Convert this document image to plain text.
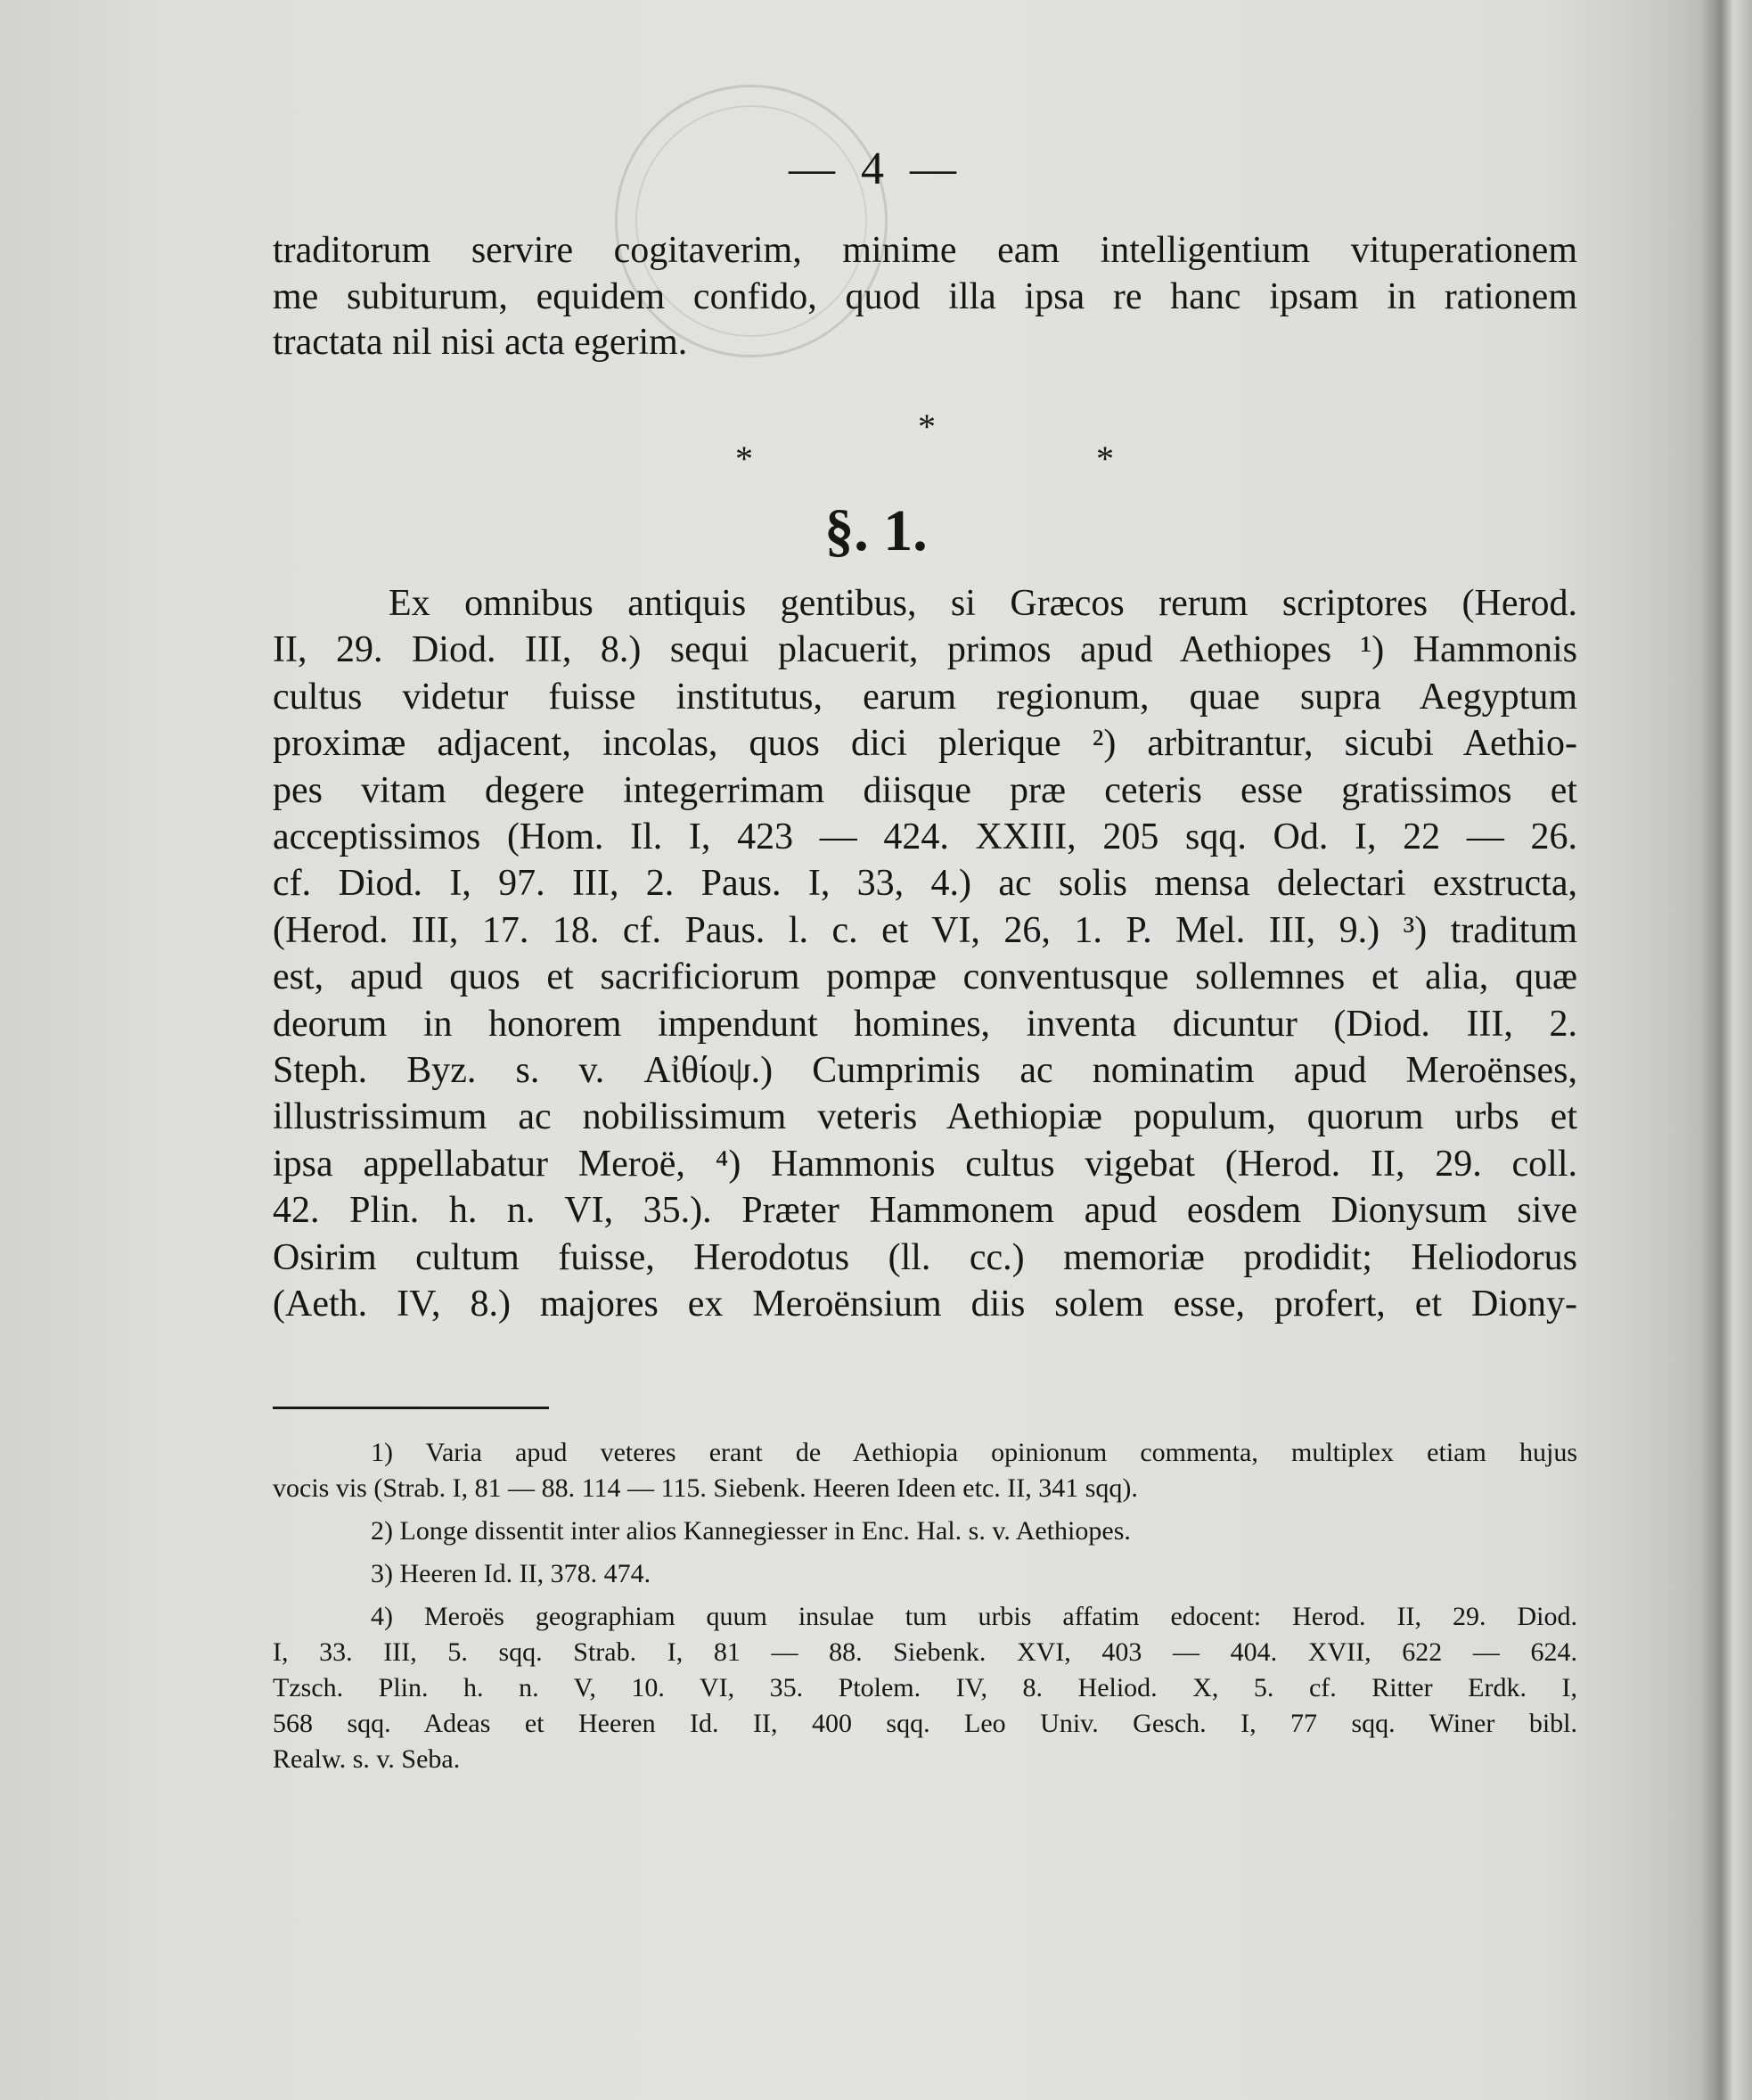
— 4 —
traditorum servire cogitaverim, minime eam intelligentium vituperationem
me subiturum, equidem confido, quod illa ipsa re hanc ipsam in rationem
tractata nil nisi acta egerim.
*
*	*
§. 1.
Ex omnibus antiquis gentibus, si Græcos rerum scriptores (Herod.
II, 29. Diod. III, 8.) sequi placuerit, primos apud Aethiopes ¹) Hammonis
cultus videtur fuisse institutus, earum regionum, quae supra Aegyptum
proximæ adjacent, incolas, quos dici plerique ²) arbitrantur, sicubi Aethio-
pes vitam degere integerrimam diisque præ ceteris esse gratissimos et
acceptissimos (Hom. Il. I, 423 — 424. XXIII, 205 sqq. Od. I, 22 — 26.
cf. Diod. I, 97. III, 2. Paus. I, 33, 4.) ac solis mensa delectari exstructa,
(Herod. III, 17. 18. cf. Paus. l. c. et VI, 26, 1. P. Mel. III, 9.) ³) traditum
est, apud quos et sacrificiorum pompæ conventusque sollemnes et alia, quæ
deorum in honorem impendunt homines, inventa dicuntur (Diod. III, 2.
Steph. Byz. s. v. Αἰθίοψ.) Cumprimis ac nominatim apud Meroënses,
illustrissimum ac nobilissimum veteris Aethiopiæ populum, quorum urbs et
ipsa appellabatur Meroë, ⁴) Hammonis cultus vigebat (Herod. II, 29. coll.
42. Plin. h. n. VI, 35.). Præter Hammonem apud eosdem Dionysum sive
Osirim cultum fuisse, Herodotus (ll. cc.) memoriæ prodidit; Heliodorus
(Aeth. IV, 8.) majores ex Meroënsium diis solem esse, profert, et Diony-
1) Varia apud veteres erant de Aethiopia opinionum commenta, multiplex etiam hujus
vocis vis (Strab. I, 81 — 88. 114 — 115. Siebenk. Heeren Ideen etc. II, 341 sqq).
2) Longe dissentit inter alios Kannegiesser in Enc. Hal. s. v. Aethiopes.
3) Heeren Id. II, 378. 474.
4) Meroës geographiam quum insulae tum urbis affatim edocent: Herod. II, 29. Diod.
I, 33. III, 5. sqq. Strab. I, 81 — 88. Siebenk. XVI, 403 — 404. XVII, 622 — 624.
Tzsch. Plin. h. n. V, 10. VI, 35. Ptolem. IV, 8. Heliod. X, 5. cf. Ritter Erdk. I,
568 sqq. Adeas et Heeren Id. II, 400 sqq. Leo Univ. Gesch. I, 77 sqq. Winer bibl.
Realw. s. v. Seba.
